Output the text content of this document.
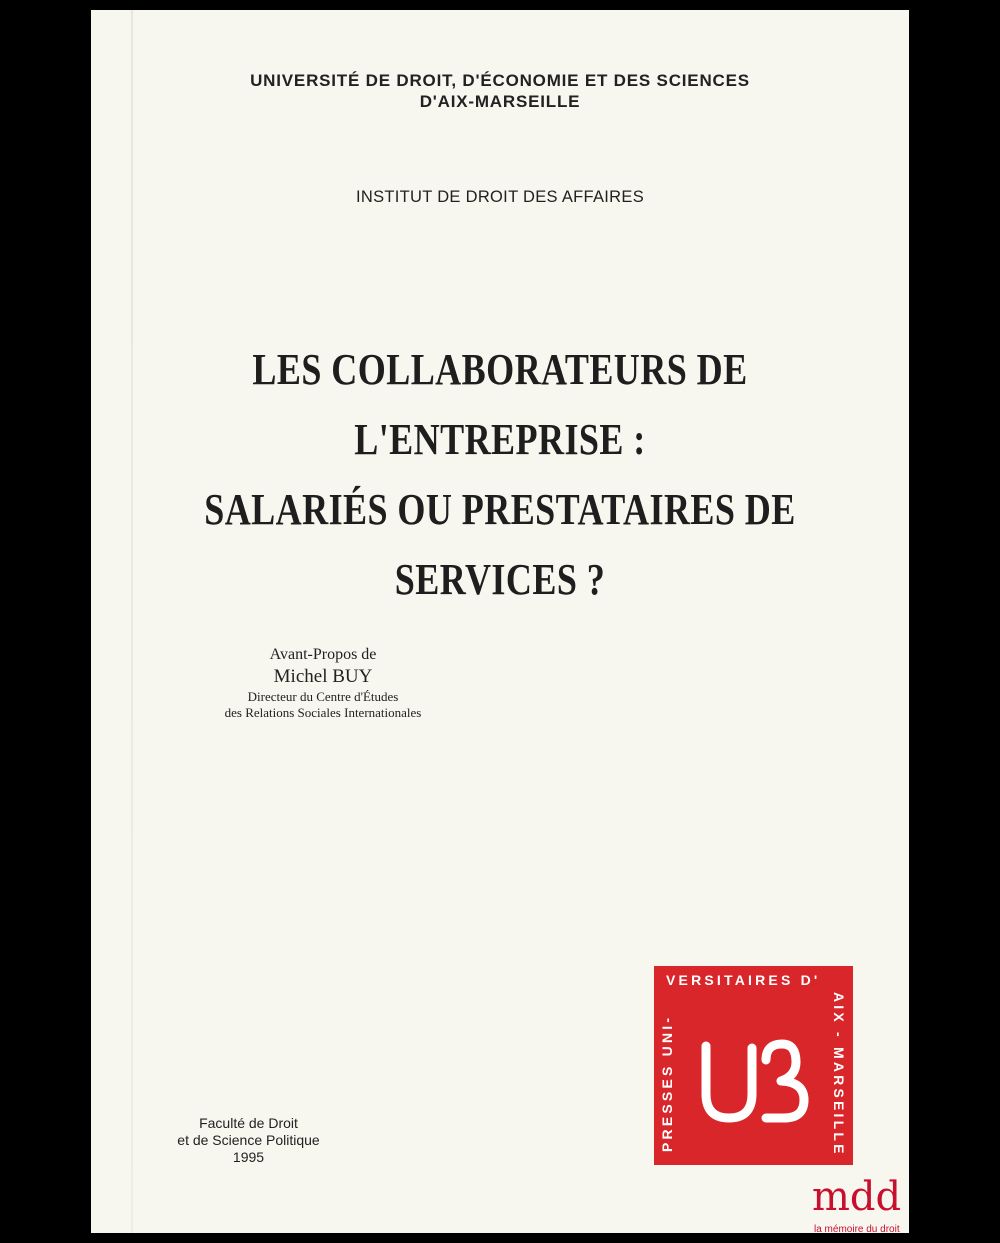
UNIVERSITÉ DE DROIT, D'ÉCONOMIE ET DES SCIENCES
D'AIX-MARSEILLE
INSTITUT DE DROIT DES AFFAIRES
LES COLLABORATEURS DE L'ENTREPRISE :
SALARIÉS OU PRESTATAIRES DE SERVICES ?
Avant-Propos de
Michel BUY
Directeur du Centre d'Études
des Relations Sociales Internationales
Faculté de Droit
et de Science Politique
1995
VERSITAIRES D'
AIX - MARSEILLE
PRESSES UNI-
mdd
la mémoire du droit
